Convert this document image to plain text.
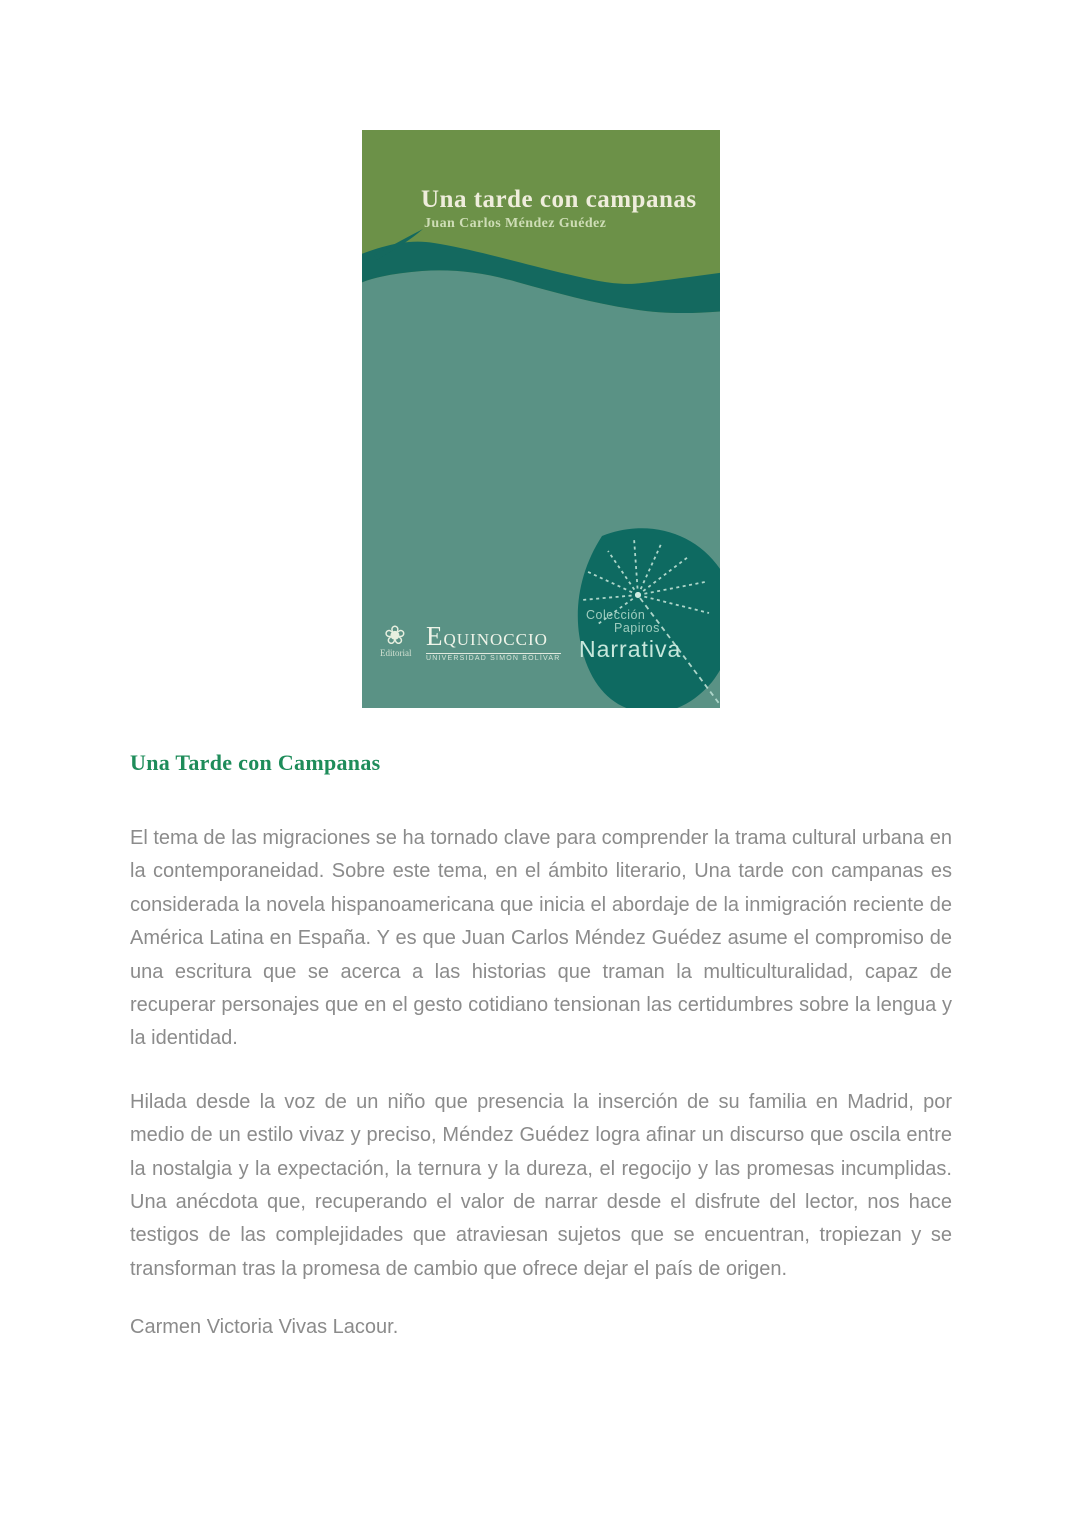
Una tarde con campanas
Juan Carlos Méndez Guédez
❀
Editorial
EQUINOCCIO
UNIVERSIDAD SIMÓN BOLÍVAR
Colección
Papiros
Narrativa
Una Tarde con Campanas

El tema de las migraciones se ha tornado clave para comprender la trama cultural urbana en la contemporaneidad. Sobre este tema, en el ámbito literario, Una tarde con campanas es considerada la novela hispanoamericana que inicia el abordaje de la inmigración reciente de América Latina en España. Y es que Juan Carlos Méndez Guédez asume el compromiso de una escritura que se acerca a las historias que traman la multiculturalidad, capaz de recuperar personajes que en el gesto cotidiano tensionan las certidumbres sobre la lengua y la identidad.

Hilada desde la voz de un niño que presencia la inserción de su familia en Madrid, por medio de un estilo vivaz y preciso, Méndez Guédez logra afinar un discurso que oscila entre la nostalgia y la expectación, la ternura y la dureza, el regocijo y las promesas incumplidas. Una anécdota que, recuperando el valor de narrar desde el disfrute del lector, nos hace testigos de las complejidades que atraviesan sujetos que se encuentran, tropiezan y se transforman tras la promesa de cambio que ofrece dejar el país de origen.

Carmen Victoria Vivas Lacour.
